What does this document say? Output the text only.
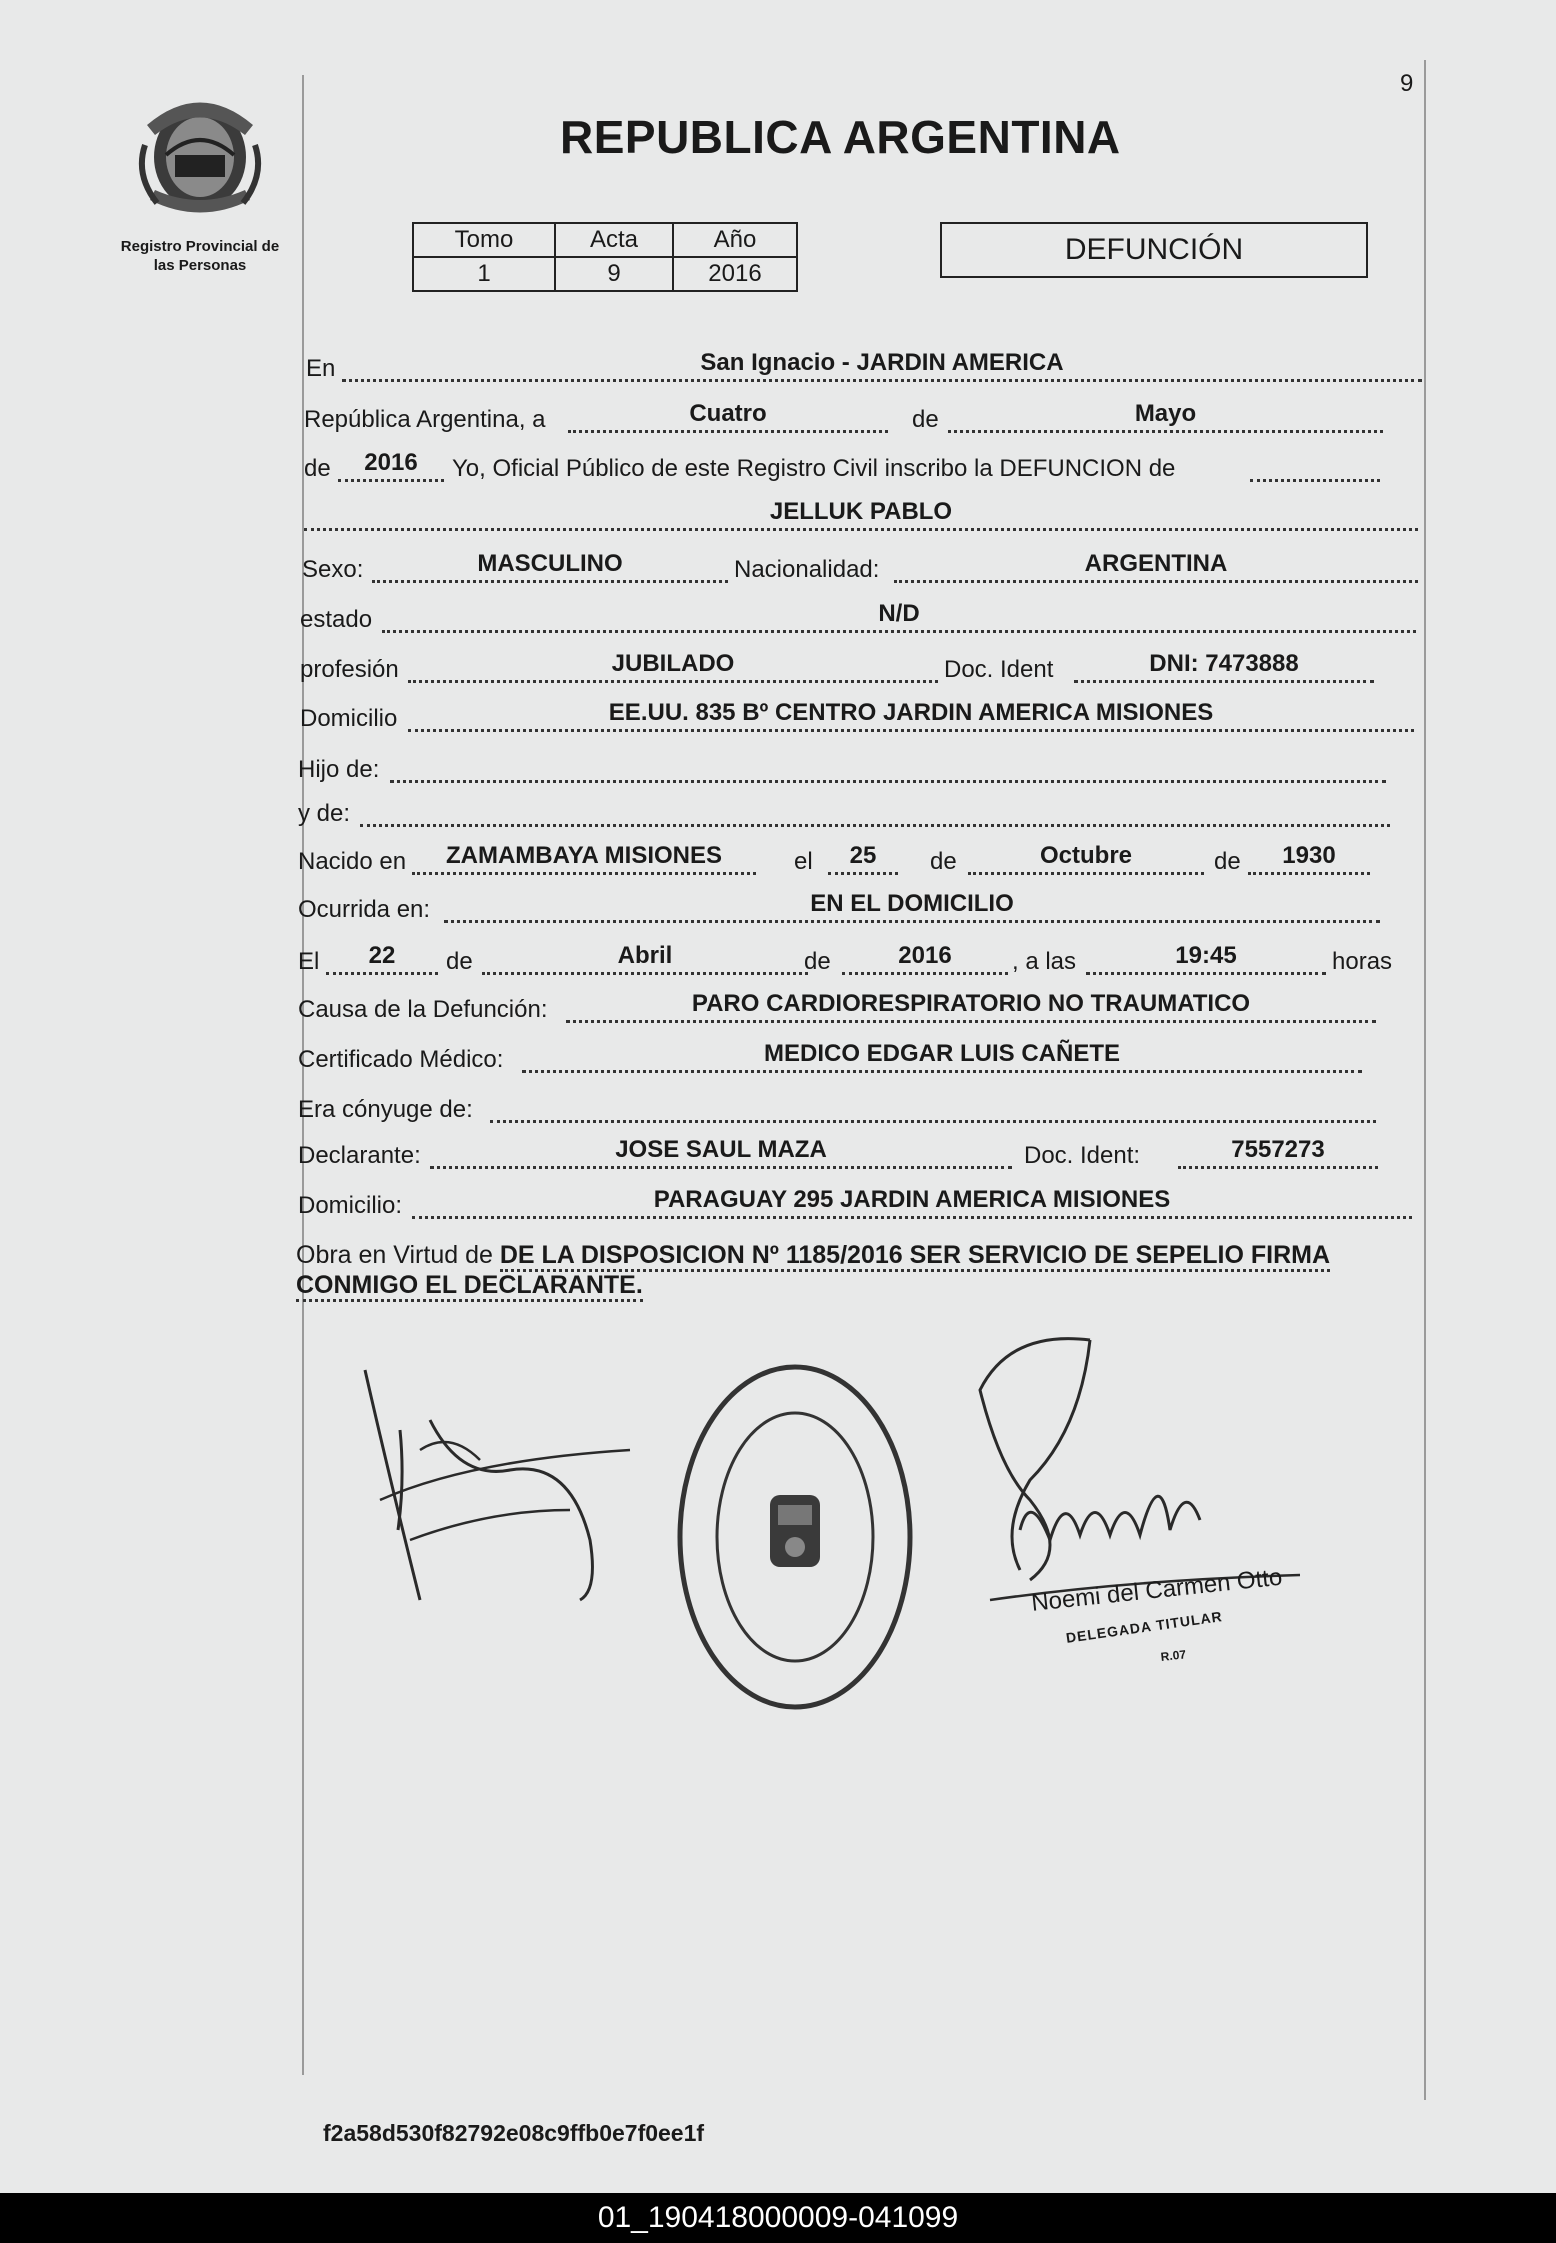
9
Registro Provincial de
las Personas
REPUBLICA ARGENTINA
Tomo	Acta	Año
1	9	2016
DEFUNCIÓN
En	San Ignacio - JARDIN AMERICA
República Argentina, a	Cuatro	de	Mayo
de	2016	Yo, Oficial Público de este Registro Civil inscribo la DEFUNCION de
JELLUK PABLO
Sexo:	MASCULINO	Nacionalidad:	ARGENTINA
estado	N/D
profesión	JUBILADO	Doc. Ident	DNI: 7473888
Domicilio	EE.UU. 835 Bº CENTRO JARDIN AMERICA MISIONES
Hijo de:
y de:
Nacido en	ZAMAMBAYA MISIONES	el	25	de	Octubre	de	1930
Ocurrida en:	EN EL DOMICILIO
El	22	de	Abril	de	2016	, a las	19:45	horas
Causa de la Defunción:	PARO CARDIORESPIRATORIO NO TRAUMATICO
Certificado Médico:	MEDICO EDGAR LUIS CAÑETE
Era cónyuge de:
Declarante:	JOSE SAUL MAZA	Doc. Ident:	7557273
Domicilio:	PARAGUAY 295 JARDIN AMERICA MISIONES
Obra en Virtud de DE LA DISPOSICION Nº 1185/2016 SER SERVICIO DE SEPELIO FIRMA CONMIGO EL DECLARANTE.
Noemi del Carmen Otto
DELEGADA TITULAR
R.07
f2a58d530f82792e08c9ffb0e7f0ee1f
01_190418000009-041099
